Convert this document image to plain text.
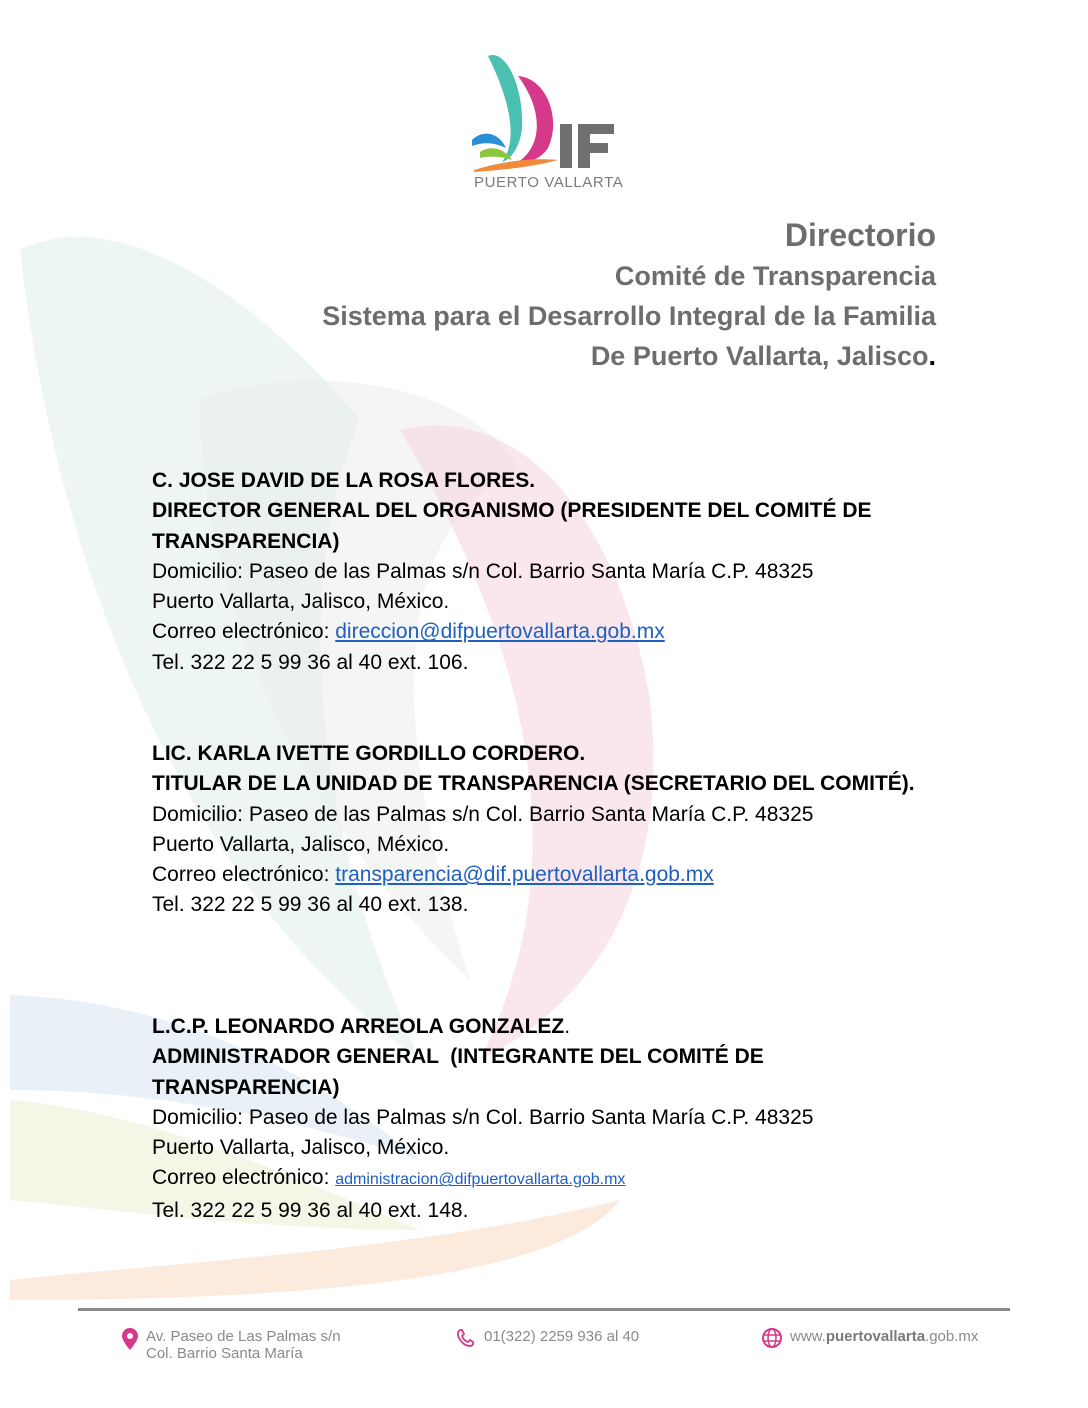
PUERTO VALLARTA
Directorio
Comité de Transparencia
Sistema para el Desarrollo Integral de la Familia
De Puerto Vallarta, Jalisco.
C. JOSE DAVID DE LA ROSA FLORES.
DIRECTOR GENERAL DEL ORGANISMO (PRESIDENTE DEL COMITÉ DE
TRANSPARENCIA)
Domicilio: Paseo de las Palmas s/n Col. Barrio Santa María C.P. 48325
Puerto Vallarta, Jalisco, México.
Correo electrónico: direccion@difpuertovallarta.gob.mx
Tel. 322 22 5 99 36 al 40 ext. 106.
LIC. KARLA IVETTE GORDILLO CORDERO.
TITULAR DE LA UNIDAD DE TRANSPARENCIA (SECRETARIO DEL COMITÉ).
Domicilio: Paseo de las Palmas s/n Col. Barrio Santa María C.P. 48325
Puerto Vallarta, Jalisco, México.
Correo electrónico: transparencia@dif.puertovallarta.gob.mx
Tel. 322 22 5 99 36 al 40 ext. 138.
L.C.P. LEONARDO ARREOLA GONZALEZ.
ADMINISTRADOR GENERAL  (INTEGRANTE DEL COMITÉ DE
TRANSPARENCIA)
Domicilio: Paseo de las Palmas s/n Col. Barrio Santa María C.P. 48325
Puerto Vallarta, Jalisco, México.
Correo electrónico: administracion@difpuertovallarta.gob.mx
Tel. 322 22 5 99 36 al 40 ext. 148.
Av. Paseo de Las Palmas s/n
Col. Barrio Santa María
01(322) 2259 936 al 40	www.puertovallarta.gob.mx
